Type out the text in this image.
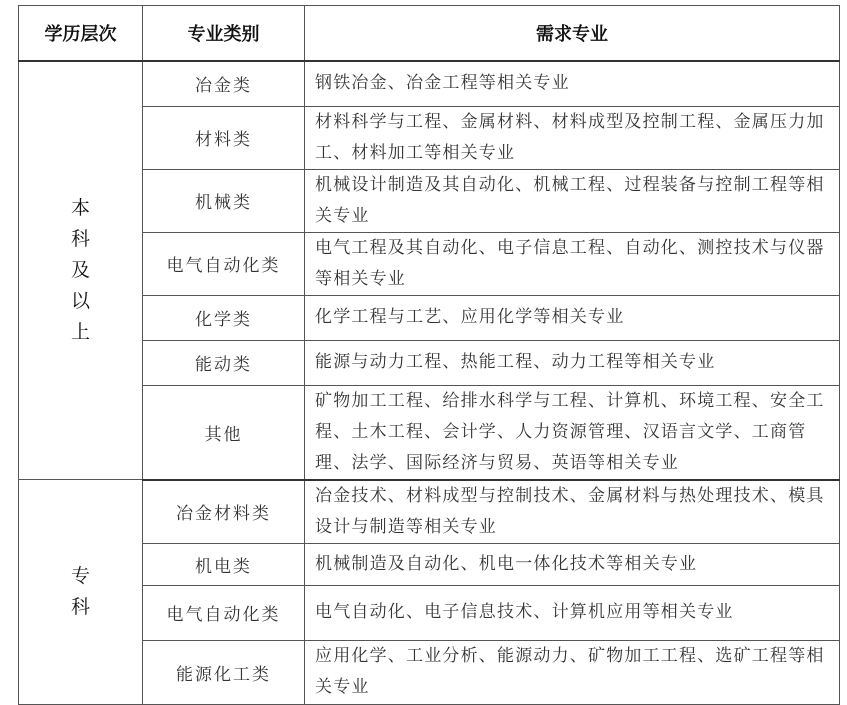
学历层次	专业类别	需求专业
本科及以上	冶金类	钢铁冶金、冶金工程等相关专业
	材料类	材料科学与工程、金属材料、材料成型及控制工程、金属压力加工、材料加工等相关专业
	机械类	机械设计制造及其自动化、机械工程、过程装备与控制工程等相关专业
	电气自动化类	电气工程及其自动化、电子信息工程、自动化、测控技术与仪器等相关专业
	化学类	化学工程与工艺、应用化学等相关专业
	能动类	能源与动力工程、热能工程、动力工程等相关专业
	其他	矿物加工工程、给排水科学与工程、计算机、环境工程、安全工程、土木工程、会计学、人力资源管理、汉语言文学、工商管理、法学、国际经济与贸易、英语等相关专业
专科	冶金材料类	冶金技术、材料成型与控制技术、金属材料与热处理技术、模具设计与制造等相关专业
	机电类	机械制造及自动化、机电一体化技术等相关专业
	电气自动化类	电气自动化、电子信息技术、计算机应用等相关专业
	能源化工类	应用化学、工业分析、能源动力、矿物加工工程、选矿工程等相关专业
